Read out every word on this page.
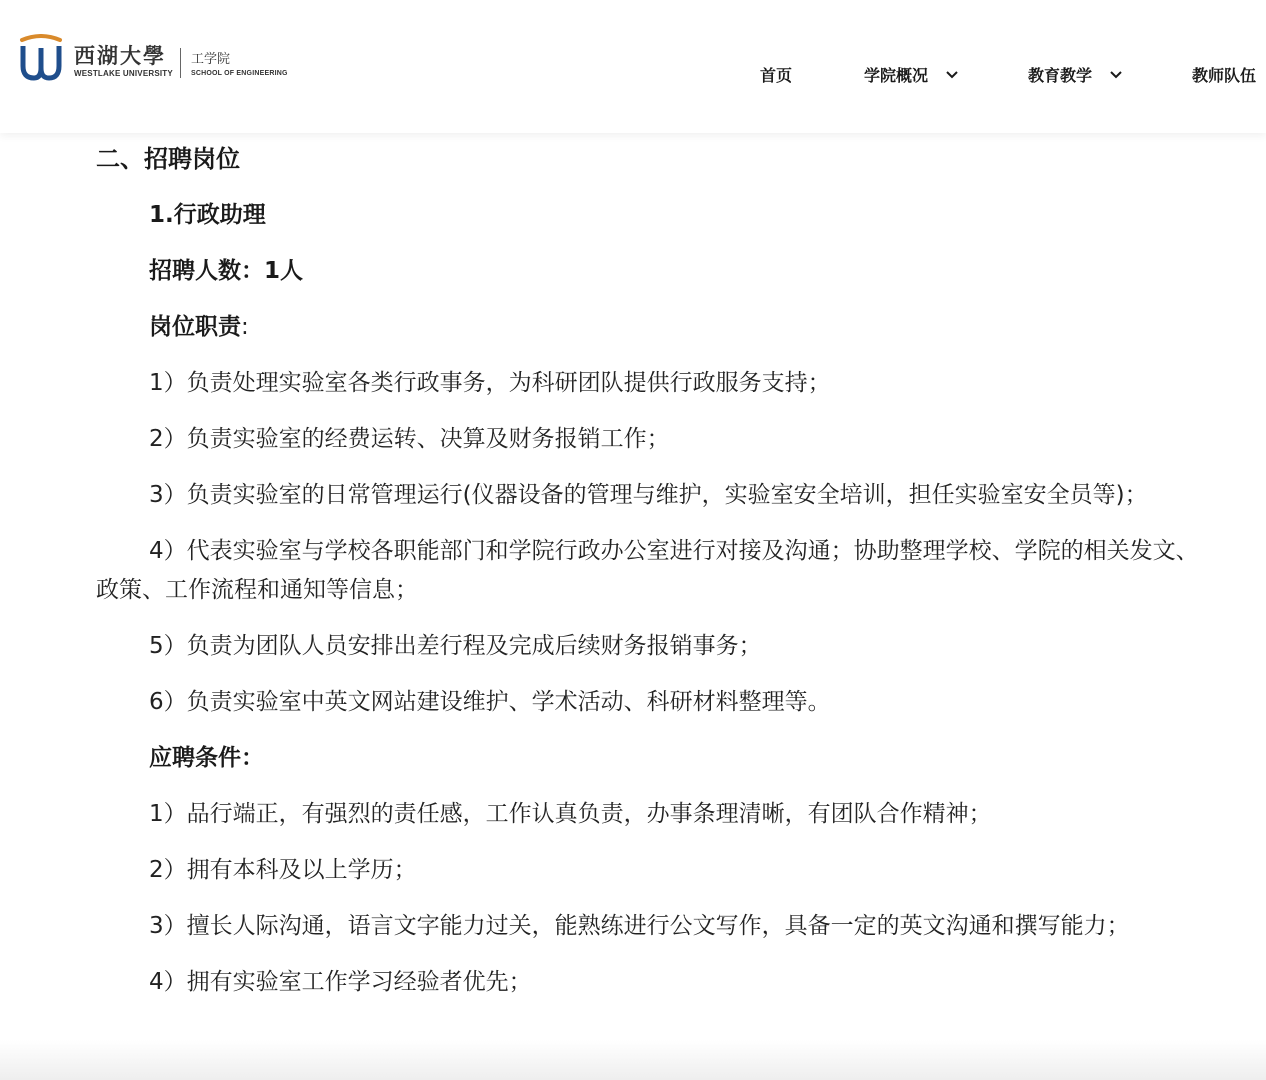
西湖大學
WESTLAKE UNIVERSITY
工学院
SCHOOL OF ENGINEERING	首页	学院概况	教育教学	教师队伍
二、招聘岗位

1.行政助理

招聘人数：1人

岗位职责:

1）负责处理实验室各类行政事务，为科研团队提供行政服务支持；

2）负责实验室的经费运转、决算及财务报销工作；

3）负责实验室的日常管理运行(仪器设备的管理与维护，实验室安全培训，担任实验室安全员等)；

4）代表实验室与学校各职能部门和学院行政办公室进行对接及沟通；协助整理学校、学院的相关发文、政策、工作流程和通知等信息；

5）负责为团队人员安排出差行程及完成后续财务报销事务；

6）负责实验室中英文网站建设维护、学术活动、科研材料整理等。

应聘条件：

1）品行端正，有强烈的责任感，工作认真负责，办事条理清晰，有团队合作精神；

2）拥有本科及以上学历；

3）擅长人际沟通，语言文字能力过关，能熟练进行公文写作，具备一定的英文沟通和撰写能力；

4）拥有实验室工作学习经验者优先；
